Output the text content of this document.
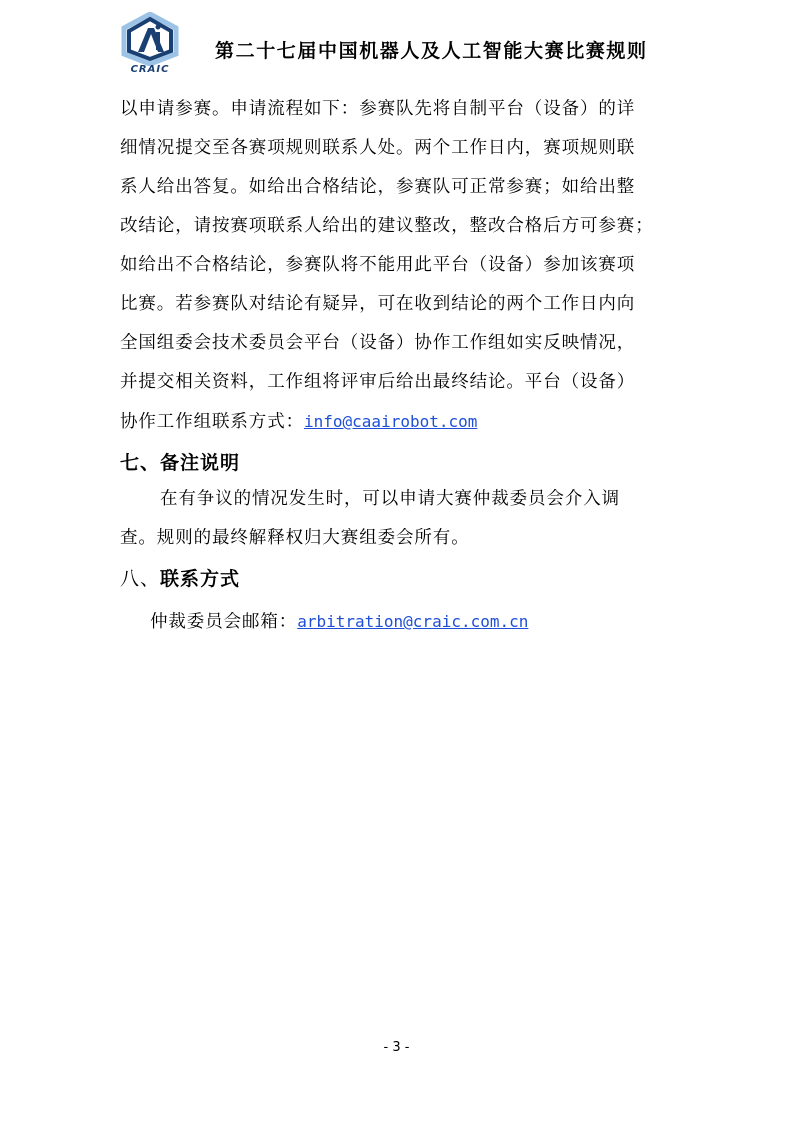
CRAIC
第二十七届中国机器人及人工智能大赛比赛规则
以申请参赛。申请流程如下：参赛队先将自制平台（设备）的详
细情况提交至各赛项规则联系人处。两个工作日内，赛项规则联
系人给出答复。如给出合格结论，参赛队可正常参赛；如给出整
改结论，请按赛项联系人给出的建议整改，整改合格后方可参赛；
如给出不合格结论，参赛队将不能用此平台（设备）参加该赛项
比赛。若参赛队对结论有疑异，可在收到结论的两个工作日内向
全国组委会技术委员会平台（设备）协作工作组如实反映情况，
并提交相关资料，工作组将评审后给出最终结论。平台（设备）
协作工作组联系方式：info@caairobot.com
七、备注说明
在有争议的情况发生时，可以申请大赛仲裁委员会介入调
查。规则的最终解释权归大赛组委会所有。
八、联系方式
仲裁委员会邮箱：arbitration@craic.com.cn
- 3 -
